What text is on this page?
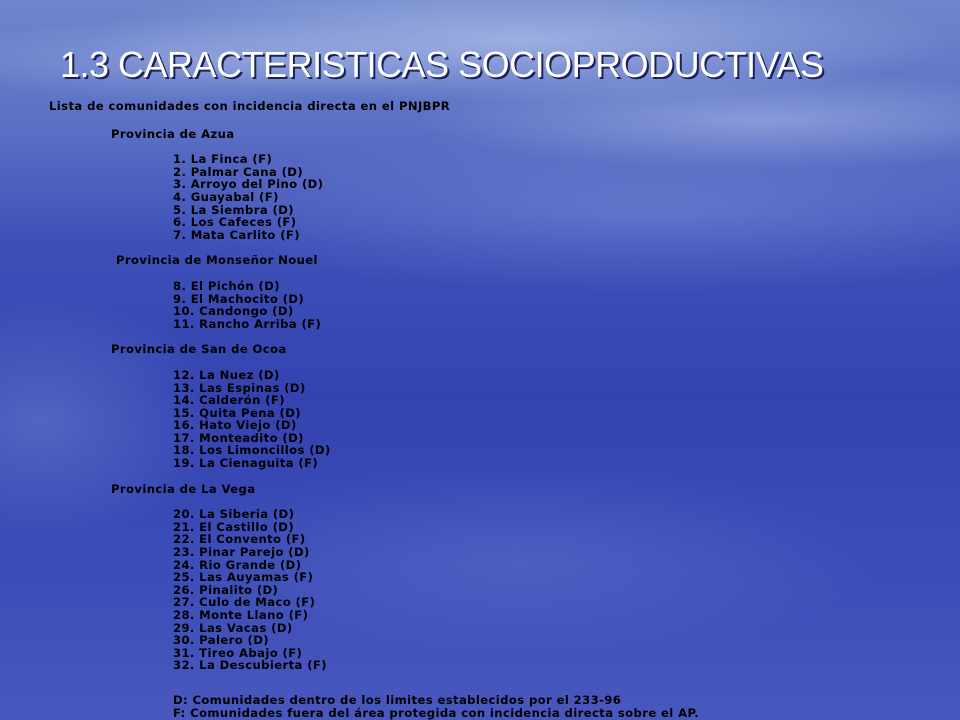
1.3 CARACTERISTICAS SOCIOPRODUCTIVAS
Lista de comunidades con incidencia directa en el PNJBPR
Provincia de Azua
1. La Finca (F)
2. Palmar Cana (D)
3. Arroyo del Pino (D)
4. Guayabal (F)
5. La Siembra (D)
6. Los Cafeces (F)
7. Mata Carlito (F)
Provincia de Monseñor Nouel
8. El Pichón (D)
9. El Machocito (D)
10. Candongo (D)
11. Rancho Arriba (F)
Provincia de San de Ocoa
12. La Nuez (D)
13. Las Espinas (D)
14. Calderón (F)
15. Quita Pena (D)
16. Hato Viejo (D)
17. Monteadito (D)
18. Los Limoncillos (D)
19. La Cienaguita (F)
Provincia de La Vega
20. La Siberia (D)
21. El Castillo (D)
22. El Convento (F)
23. Pinar Parejo (D)
24. Rio Grande (D)
25. Las Auyamas (F)
26. Pinalito (D)
27. Culo de Maco (F)
28. Monte Llano (F)
29. Las Vacas (D)
30. Palero (D)
31. Tireo Abajo (F)
32. La Descubierta (F)
D: Comunidades dentro de los limites establecidos por el 233-96
F: Comunidades fuera del área protegida con incidencia directa sobre el AP.
